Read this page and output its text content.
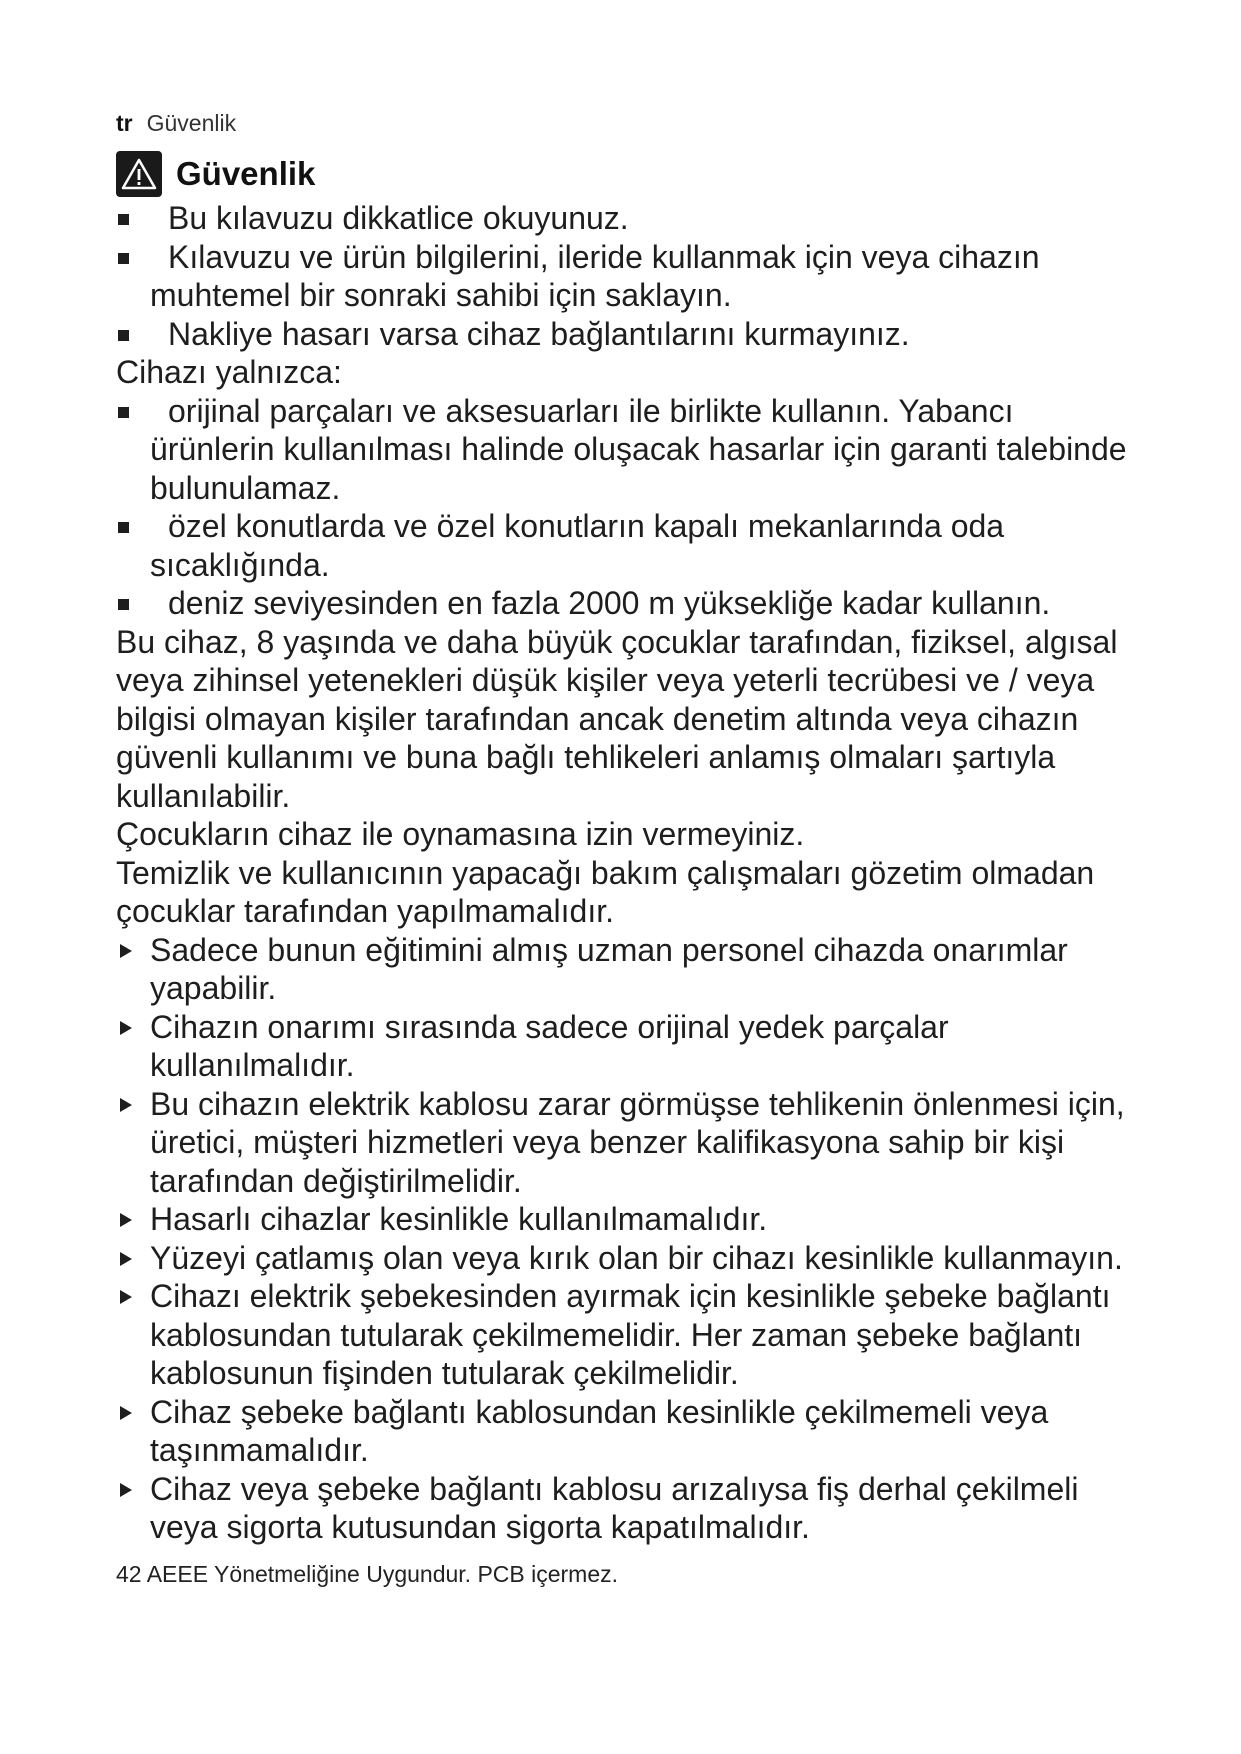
tr Güvenlik
Güvenlik
Bu kılavuzu dikkatlice okuyunuz.
Kılavuzu ve ürün bilgilerini, ileride kullanmak için veya cihazın muhtemel bir sonraki sahibi için saklayın.
Nakliye hasarı varsa cihaz bağlantılarını kurmayınız.

Cihazı yalnızca:

orijinal parçaları ve aksesuarları ile birlikte kullanın. Yabancı ürünlerin kullanılması halinde oluşacak hasarlar için garanti talebinde bulunulamaz.
özel konutlarda ve özel konutların kapalı mekanlarında oda sıcaklığında.
deniz seviyesinden en fazla 2000 m yüksekliğe kadar kullanın.

Bu cihaz, 8 yaşında ve daha büyük çocuklar tarafından, fiziksel, algısal veya zihinsel yetenekleri düşük kişiler veya yeterli tecrübesi ve / veya bilgisi olmayan kişiler tarafından ancak denetim altında veya cihazın güvenli kullanımı ve buna bağlı tehlikeleri anlamış olmaları şartıyla kullanılabilir.

Çocukların cihaz ile oynamasına izin vermeyiniz.

Temizlik ve kullanıcının yapacağı bakım çalışmaları gözetim olmadan çocuklar tarafından yapılmamalıdır.

Sadece bunun eğitimini almış uzman personel cihazda onarımlar yapabilir.
Cihazın onarımı sırasında sadece orijinal yedek parçalar kullanılmalıdır.
Bu cihazın elektrik kablosu zarar görmüşse tehlikenin önlenmesi için, üretici, müşteri hizmetleri veya benzer kalifikasyona sahip bir kişi tarafından değiştirilmelidir.
Hasarlı cihazlar kesinlikle kullanılmamalıdır.
Yüzeyi çatlamış olan veya kırık olan bir cihazı kesinlikle kullanmayın.
Cihazı elektrik şebekesinden ayırmak için kesinlikle şebeke bağlantı kablosundan tutularak çekilmemelidir. Her zaman şebeke bağlantı kablosunun fişinden tutularak çekilmelidir.
Cihaz şebeke bağlantı kablosundan kesinlikle çekilmemeli veya taşınmamalıdır.
Cihaz veya şebeke bağlantı kablosu arızalıysa fiş derhal çekilmeli veya sigorta kutusundan sigorta kapatılmalıdır.
42 AEEE Yönetmeliğine Uygundur. PCB içermez.
